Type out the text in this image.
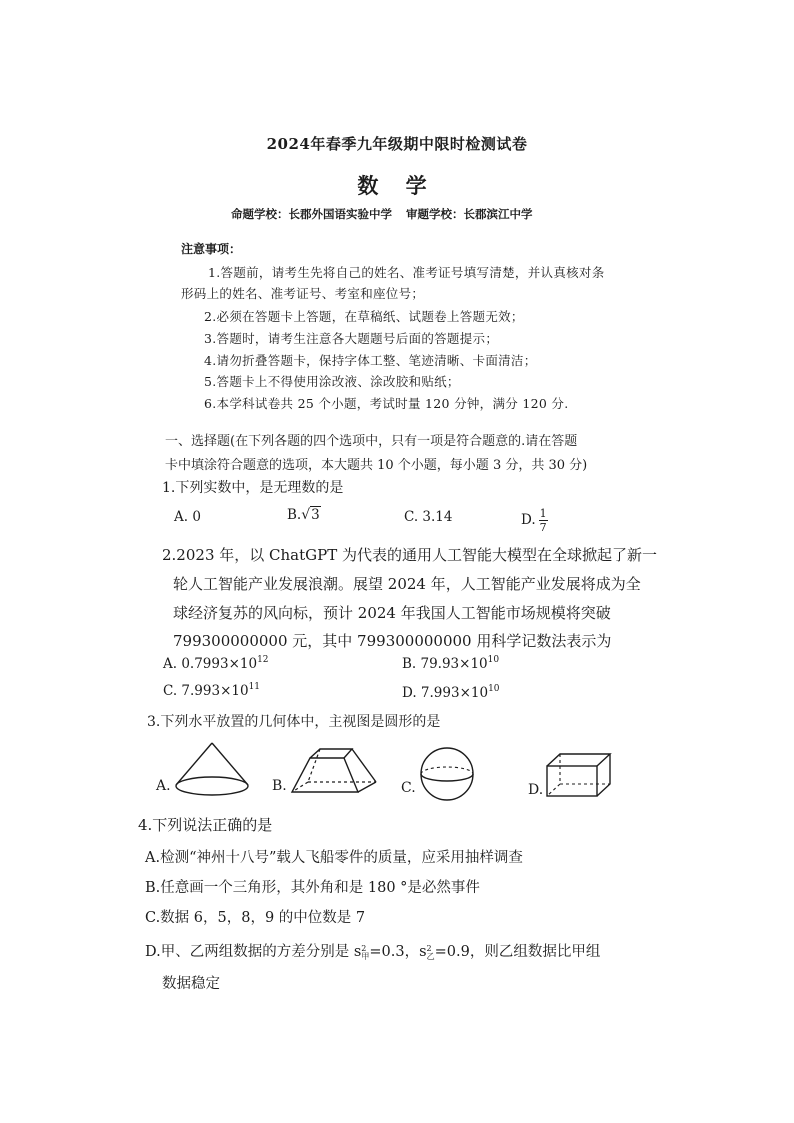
2024年春季九年级期中限时检测试卷
数 学
命题学校：长郡外国语实验中学 审题学校：长郡滨江中学
注意事项：
1.答题前，请考生先将自己的姓名、准考证号填写清楚，并认真核对条
形码上的姓名、准考证号、考室和座位号；
2.必须在答题卡上答题，在草稿纸、试题卷上答题无效；
3.答题时，请考生注意各大题题号后面的答题提示；
4.请勿折叠答题卡，保持字体工整、笔迹清晰、卡面清洁；
5.答题卡上不得使用涂改液、涂改胶和贴纸；
6.本学科试卷共 25 个小题，考试时量 120 分钟，满分 120 分.
一、选择题(在下列各题的四个选项中，只有一项是符合题意的.请在答题
卡中填涂符合题意的选项，本大题共 10 个小题，每小题 3 分，共 30 分)
1.下列实数中，是无理数的是
A. 0	B.√3	C. 3.14	D. $\frac{1}{7}$
2.2023 年，以 ChatGPT 为代表的通用人工智能大模型在全球掀起了新一
轮人工智能产业发展浪潮。展望 2024 年，人工智能产业发展将成为全
球经济复苏的风向标，预计 2024 年我国人工智能市场规模将突破
799300000000 元，其中 799300000000 用科学记数法表示为
A. $0.7993\times 10^{12}$	B. $79.93\times 10^{10}$
C. $7.993\times 10^{11}$	D. $7.993\times 10^{10}$
3.下列水平放置的几何体中，主视图是圆形的是
A.	B.	C.	D.
4.下列说法正确的是
A.检测“神州十八号”载人飞船零件的质量，应采用抽样调查
B.任意画一个三角形，其外角和是 180 °是必然事件
C.数据 6，5，8，9 的中位数是 7
D.甲、乙两组数据的方差分别是 $s^2_甲=0.3$，$s^2_乙=0.9$，则乙组数据比甲组
数据稳定
